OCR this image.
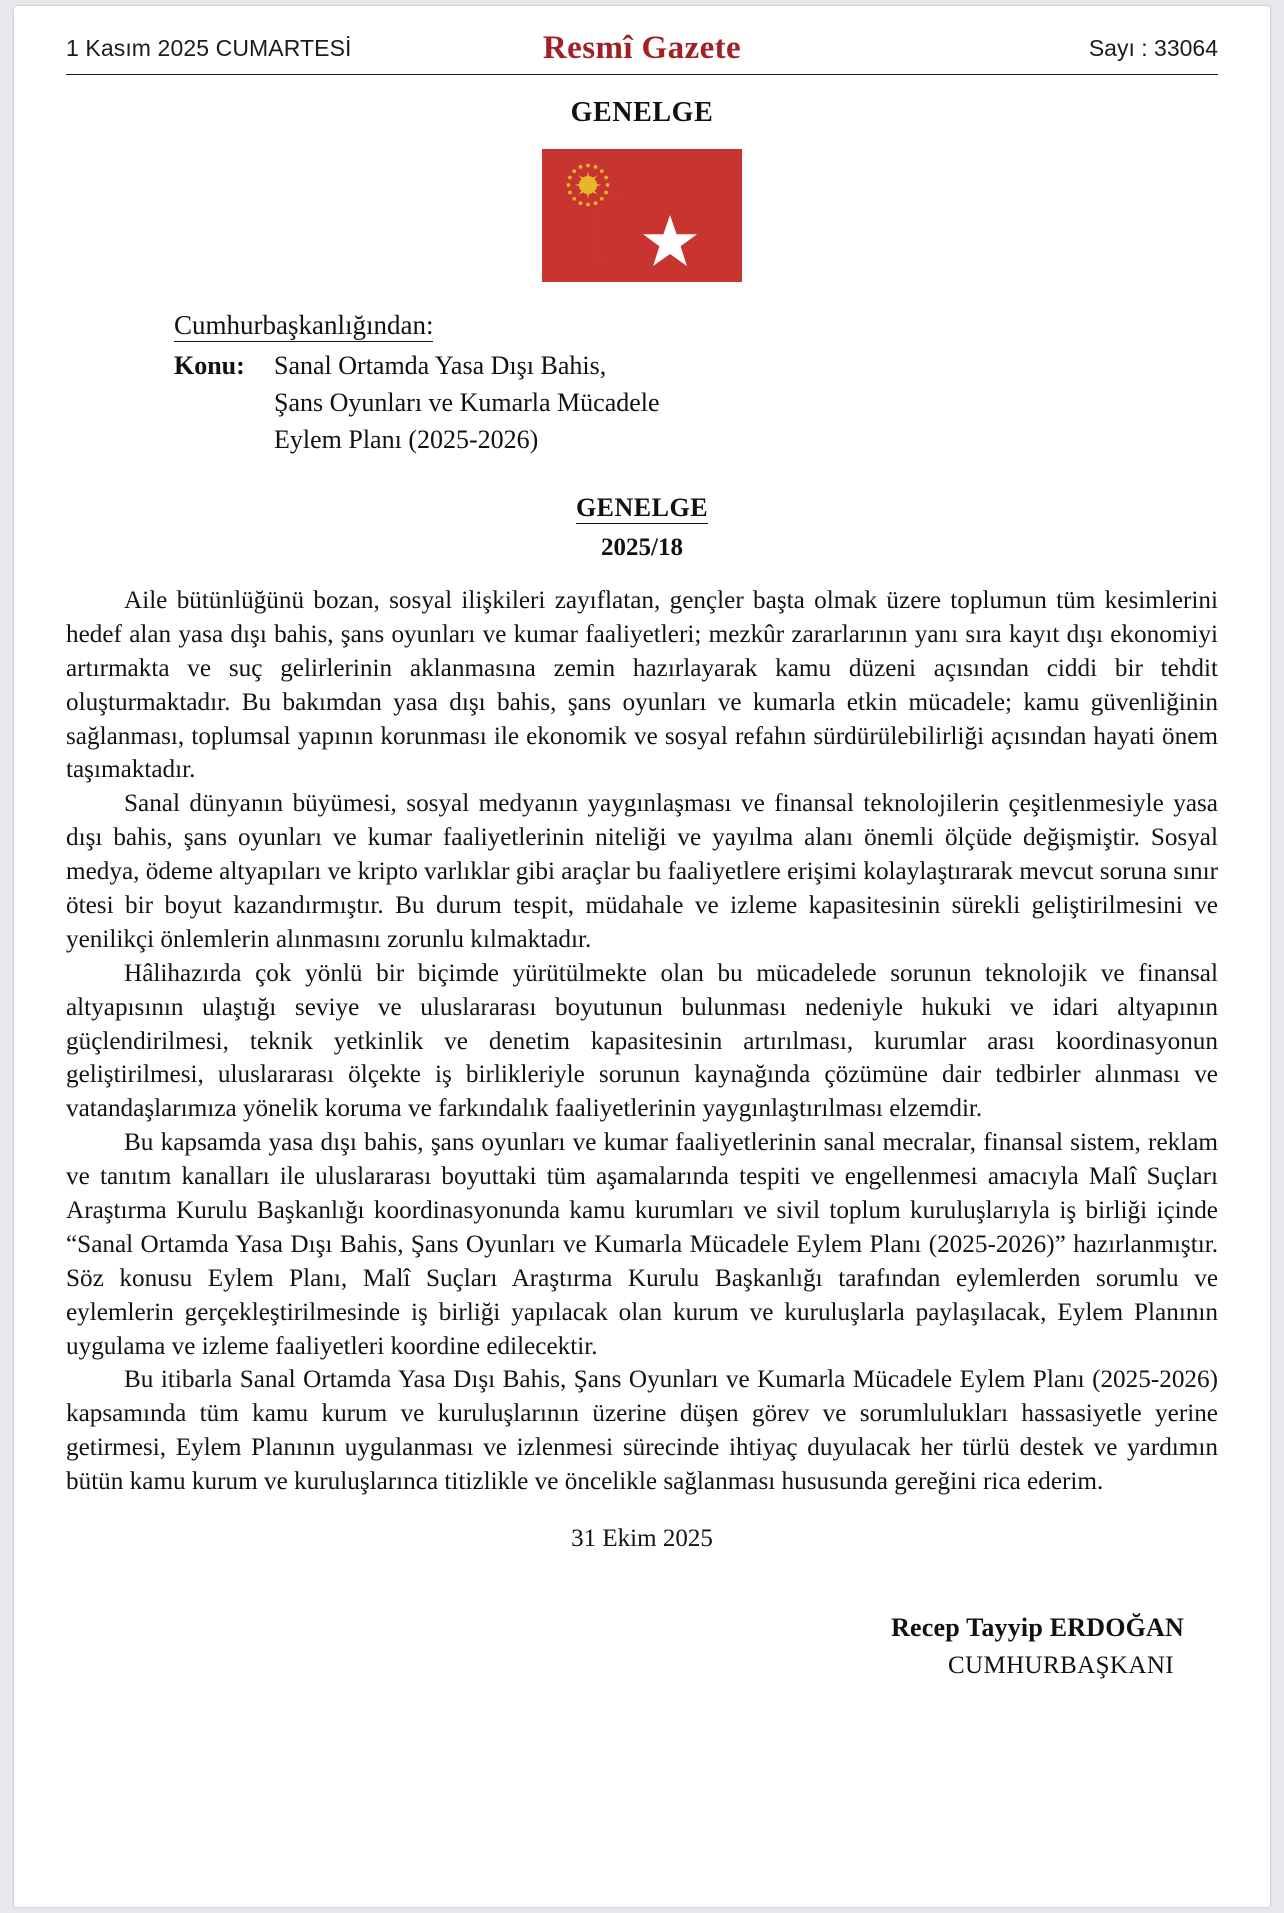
1 Kasım 2025 CUMARTESİ	Resmî Gazete	Sayı : 33064
GENELGE
Cumhurbaşkanlığından:
Konu:	Sanal Ortamda Yasa Dışı Bahis,
Şans Oyunları ve Kumarla Mücadele
Eylem Planı (2025-2026)
GENELGE
2025/18

Aile bütünlüğünü bozan, sosyal ilişkileri zayıflatan, gençler başta olmak üzere toplumun tüm kesimlerini hedef alan yasa dışı bahis, şans oyunları ve kumar faaliyetleri; mezkûr zararlarının yanı sıra kayıt dışı ekonomiyi artırmakta ve suç gelirlerinin aklanmasına zemin hazırlayarak kamu düzeni açısından ciddi bir tehdit oluşturmaktadır. Bu bakımdan yasa dışı bahis, şans oyunları ve kumarla etkin mücadele; kamu güvenliğinin sağlanması, toplumsal yapının korunması ile ekonomik ve sosyal refahın sürdürülebilirliği açısından hayati önem taşımaktadır.

Sanal dünyanın büyümesi, sosyal medyanın yaygınlaşması ve finansal teknolojilerin çeşitlenmesiyle yasa dışı bahis, şans oyunları ve kumar faaliyetlerinin niteliği ve yayılma alanı önemli ölçüde değişmiştir. Sosyal medya, ödeme altyapıları ve kripto varlıklar gibi araçlar bu faaliyetlere erişimi kolaylaştırarak mevcut soruna sınır ötesi bir boyut kazandırmıştır. Bu durum tespit, müdahale ve izleme kapasitesinin sürekli geliştirilmesini ve yenilikçi önlemlerin alınmasını zorunlu kılmaktadır.

Hâlihazırda çok yönlü bir biçimde yürütülmekte olan bu mücadelede sorunun teknolojik ve finansal altyapısının ulaştığı seviye ve uluslararası boyutunun bulunması nedeniyle hukuki ve idari altyapının güçlendirilmesi, teknik yetkinlik ve denetim kapasitesinin artırılması, kurumlar arası koordinasyonun geliştirilmesi, uluslararası ölçekte iş birlikleriyle sorunun kaynağında çözümüne dair tedbirler alınması ve vatandaşlarımıza yönelik koruma ve farkındalık faaliyetlerinin yaygınlaştırılması elzemdir.

Bu kapsamda yasa dışı bahis, şans oyunları ve kumar faaliyetlerinin sanal mecralar, finansal sistem, reklam ve tanıtım kanalları ile uluslararası boyuttaki tüm aşamalarında tespiti ve engellenmesi amacıyla Malî Suçları Araştırma Kurulu Başkanlığı koordinasyonunda kamu kurumları ve sivil toplum kuruluşlarıyla iş birliği içinde “Sanal Ortamda Yasa Dışı Bahis, Şans Oyunları ve Kumarla Mücadele Eylem Planı (2025-2026)” hazırlanmıştır. Söz konusu Eylem Planı, Malî Suçları Araştırma Kurulu Başkanlığı tarafından eylemlerden sorumlu ve eylemlerin gerçekleştirilmesinde iş birliği yapılacak olan kurum ve kuruluşlarla paylaşılacak, Eylem Planının uygulama ve izleme faaliyetleri koordine edilecektir.

Bu itibarla Sanal Ortamda Yasa Dışı Bahis, Şans Oyunları ve Kumarla Mücadele Eylem Planı (2025-2026) kapsamında tüm kamu kurum ve kuruluşlarının üzerine düşen görev ve sorumlulukları hassasiyetle yerine getirmesi, Eylem Planının uygulanması ve izlenmesi sürecinde ihtiyaç duyulacak her türlü destek ve yardımın bütün kamu kurum ve kuruluşlarınca titizlikle ve öncelikle sağlanması hususunda gereğini rica ederim.

31 Ekim 2025
Recep Tayyip ERDOĞAN
CUMHURBAŞKANI
